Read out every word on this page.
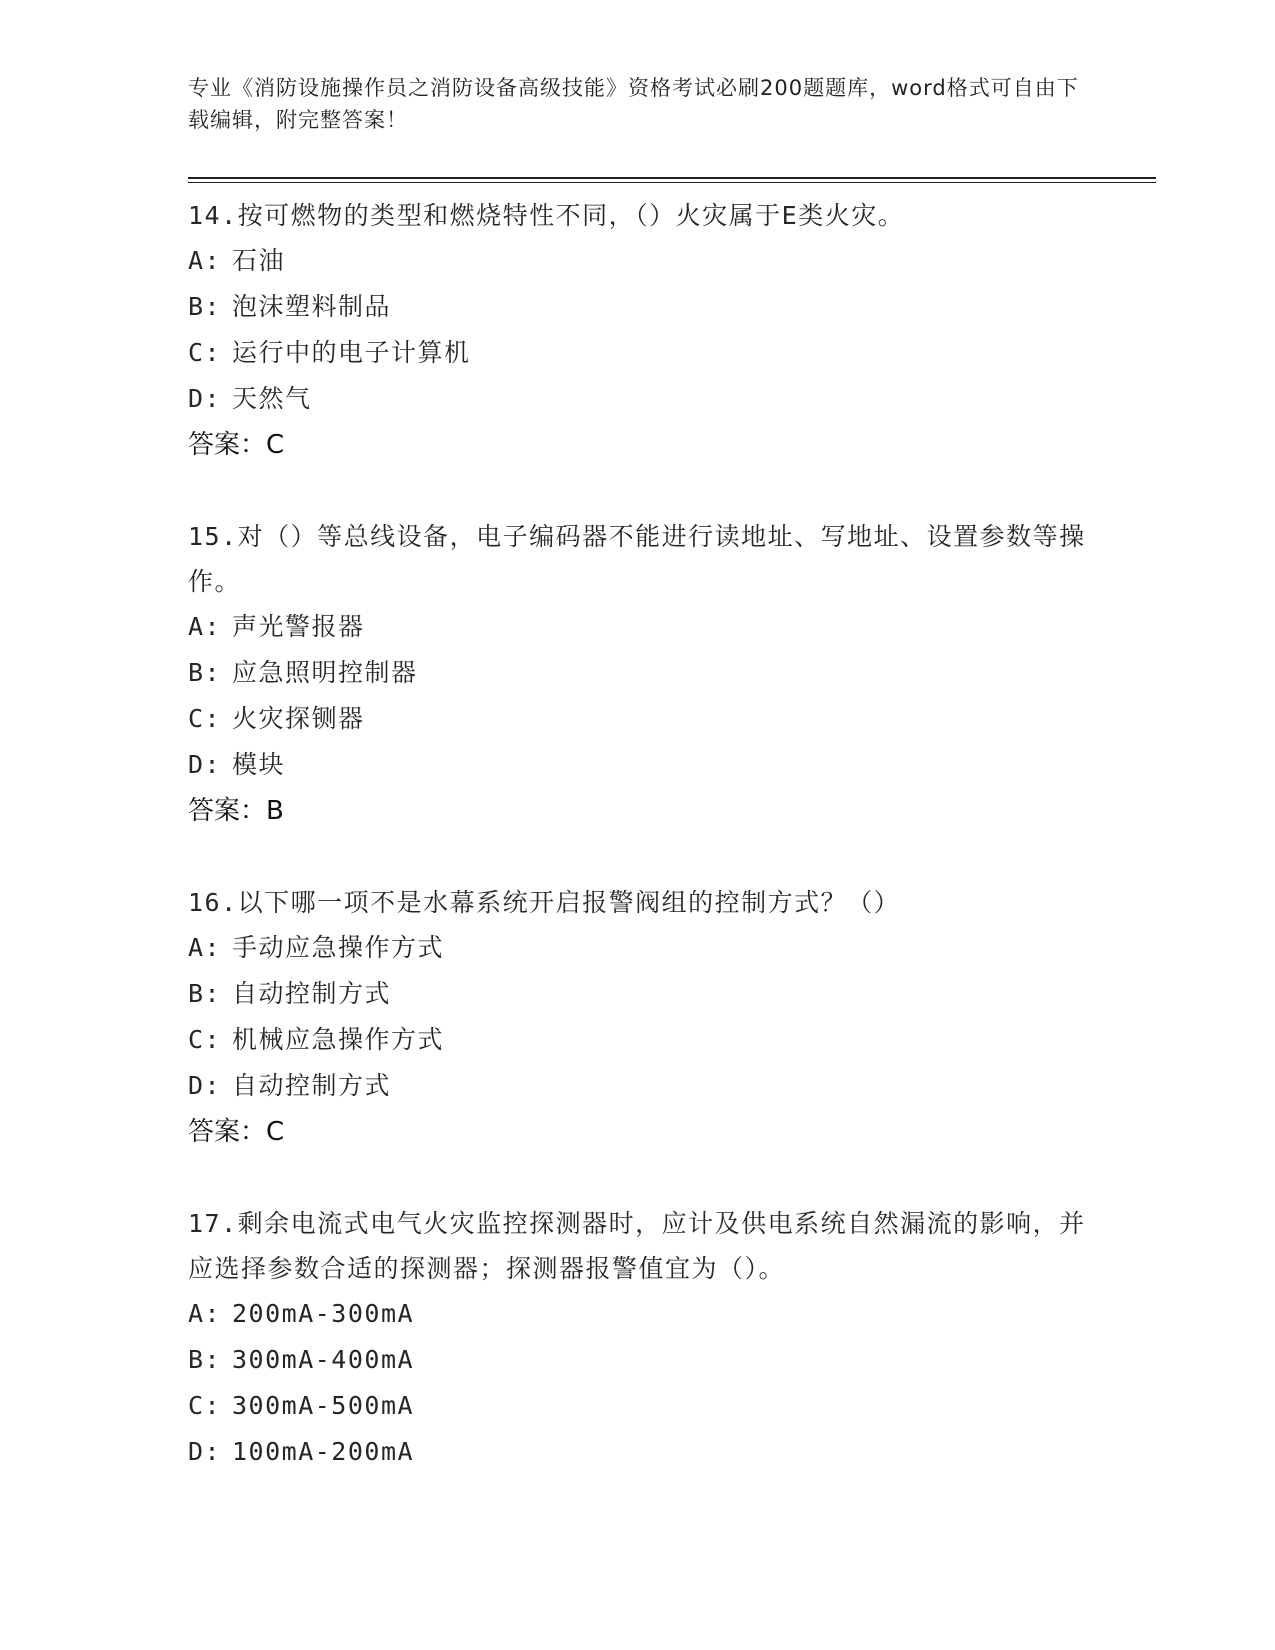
专业《消防设施操作员之消防设备高级技能》资格考试必刷200题题库，word格式可自由下载编辑，附完整答案！
14.按可燃物的类型和燃烧特性不同，（）火灾属于E类火灾。
A: 石油
B: 泡沫塑料制品
C: 运行中的电子计算机
D: 天然气
答案：C
15.对（）等总线设备，电子编码器不能进行读地址、写地址、设置参数等操作。
A: 声光警报器
B: 应急照明控制器
C: 火灾探铡器
D: 模块
答案：B
16.以下哪一项不是水幕系统开启报警阀组的控制方式？（）
A: 手动应急操作方式
B: 自动控制方式
C: 机械应急操作方式
D: 自动控制方式
答案：C
17.剩余电流式电气火灾监控探测器时，应计及供电系统自然漏流的影响，并应选择参数合适的探测器；探测器报警值宜为（）。
A: 200mA-300mA
B: 300mA-400mA
C: 300mA-500mA
D: 100mA-200mA
